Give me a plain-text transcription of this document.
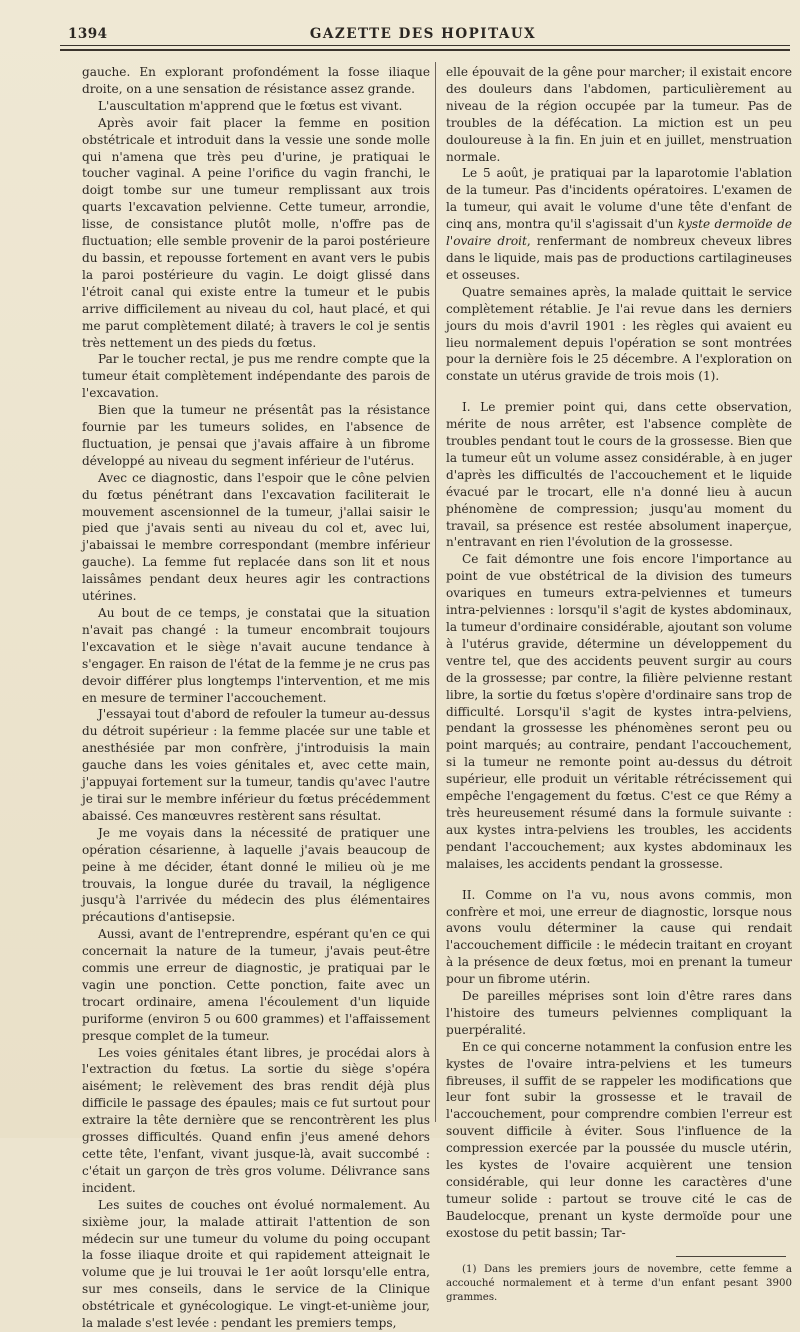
1394	GAZETTE DES HOPITAUX

gauche. En explorant profondément la fosse iliaque droite, on a une sensation de résistance assez grande.

L'auscultation m'apprend que le fœtus est vivant.

Après avoir fait placer la femme en position obstétricale et introduit dans la vessie une sonde molle qui n'amena que très peu d'urine, je pratiquai le toucher vaginal. A peine l'orifice du vagin franchi, le doigt tombe sur une tumeur remplissant aux trois quarts l'excavation pelvienne. Cette tumeur, arrondie, lisse, de consistance plutôt molle, n'offre pas de fluctuation; elle semble provenir de la paroi postérieure du bassin, et repousse fortement en avant vers le pubis la paroi postérieure du vagin. Le doigt glissé dans l'étroit canal qui existe entre la tumeur et le pubis arrive difficilement au niveau du col, haut placé, et qui me parut complètement dilaté; à travers le col je sentis très nettement un des pieds du fœtus.

Par le toucher rectal, je pus me rendre compte que la tumeur était complètement indépendante des parois de l'excavation.

Bien que la tumeur ne présentât pas la résistance fournie par les tumeurs solides, en l'absence de fluctuation, je pensai que j'avais affaire à un fibrome développé au niveau du segment inférieur de l'utérus.

Avec ce diagnostic, dans l'espoir que le cône pelvien du fœtus pénétrant dans l'excavation faciliterait le mouvement ascensionnel de la tumeur, j'allai saisir le pied que j'avais senti au niveau du col et, avec lui, j'abaissai le membre correspondant (membre inférieur gauche). La femme fut replacée dans son lit et nous laissâmes pendant deux heures agir les contractions utérines.

Au bout de ce temps, je constatai que la situation n'avait pas changé : la tumeur encombrait toujours l'excavation et le siège n'avait aucune tendance à s'engager. En raison de l'état de la femme je ne crus pas devoir différer plus longtemps l'intervention, et me mis en mesure de terminer l'accouchement.

J'essayai tout d'abord de refouler la tumeur au-dessus du détroit supérieur : la femme placée sur une table et anesthésiée par mon confrère, j'introduisis la main gauche dans les voies génitales et, avec cette main, j'appuyai fortement sur la tumeur, tandis qu'avec l'autre je tirai sur le membre inférieur du fœtus précédemment abaissé. Ces manœuvres restèrent sans résultat.

Je me voyais dans la nécessité de pratiquer une opération césarienne, à laquelle j'avais beaucoup de peine à me décider, étant donné le milieu où je me trouvais, la longue durée du travail, la négligence jusqu'à l'arrivée du médecin des plus élémentaires précautions d'antisepsie.

Aussi, avant de l'entreprendre, espérant qu'en ce qui concernait la nature de la tumeur, j'avais peut-être commis une erreur de diagnostic, je pratiquai par le vagin une ponction. Cette ponction, faite avec un trocart ordinaire, amena l'écoulement d'un liquide puriforme (environ 5 ou 600 grammes) et l'affaissement presque complet de la tumeur.

Les voies génitales étant libres, je procédai alors à l'extraction du fœtus. La sortie du siège s'opéra aisément; le relèvement des bras rendit déjà plus difficile le passage des épaules; mais ce fut surtout pour extraire la tête dernière que se rencontrèrent les plus grosses difficultés. Quand enfin j'eus amené dehors cette tête, l'enfant, vivant jusque-là, avait succombé : c'était un garçon de très gros volume. Délivrance sans incident.

Les suites de couches ont évolué normalement. Au sixième jour, la malade attirait l'attention de son médecin sur une tumeur du volume du poing occupant la fosse iliaque droite et qui rapidement atteignait le volume que je lui trouvai le 1er août lorsqu'elle entra, sur mes conseils, dans le service de la Clinique obstétricale et gynécologique. Le vingt-et-unième jour, la malade s'est levée : pendant les premiers temps,

elle épouvait de la gêne pour marcher; il existait encore des douleurs dans l'abdomen, particulièrement au niveau de la région occupée par la tumeur. Pas de troubles de la défécation. La miction est un peu douloureuse à la fin. En juin et en juillet, menstruation normale.

Le 5 août, je pratiquai par la laparotomie l'ablation de la tumeur. Pas d'incidents opératoires. L'examen de la tumeur, qui avait le volume d'une tête d'enfant de cinq ans, montra qu'il s'agissait d'un kyste dermoïde de l'ovaire droit, renfermant de nombreux cheveux libres dans le liquide, mais pas de productions cartilagineuses et osseuses.

Quatre semaines après, la malade quittait le service complètement rétablie. Je l'ai revue dans les derniers jours du mois d'avril 1901 : les règles qui avaient eu lieu normalement depuis l'opération se sont montrées pour la dernière fois le 25 décembre. A l'exploration on constate un utérus gravide de trois mois (1).

I. Le premier point qui, dans cette observation, mérite de nous arrêter, est l'absence complète de troubles pendant tout le cours de la grossesse. Bien que la tumeur eût un volume assez considérable, à en juger d'après les difficultés de l'accouchement et le liquide évacué par le trocart, elle n'a donné lieu à aucun phénomène de compression; jusqu'au moment du travail, sa présence est restée absolument inaperçue, n'entravant en rien l'évolution de la grossesse.

Ce fait démontre une fois encore l'importance au point de vue obstétrical de la division des tumeurs ovariques en tumeurs extra-pelviennes et tumeurs intra-pelviennes : lorsqu'il s'agit de kystes abdominaux, la tumeur d'ordinaire considérable, ajoutant son volume à l'utérus gravide, détermine un développement du ventre tel, que des accidents peuvent surgir au cours de la grossesse; par contre, la filière pelvienne restant libre, la sortie du fœtus s'opère d'ordinaire sans trop de difficulté. Lorsqu'il s'agit de kystes intra-pelviens, pendant la grossesse les phénomènes seront peu ou point marqués; au contraire, pendant l'accouchement, si la tumeur ne remonte point au-dessus du détroit supérieur, elle produit un véritable rétrécissement qui empêche l'engagement du fœtus. C'est ce que Rémy a très heureusement résumé dans la formule suivante : aux kystes intra-pelviens les troubles, les accidents pendant l'accouchement; aux kystes abdominaux les malaises, les accidents pendant la grossesse.

II. Comme on l'a vu, nous avons commis, mon confrère et moi, une erreur de diagnostic, lorsque nous avons voulu déterminer la cause qui rendait l'accouchement difficile : le médecin traitant en croyant à la présence de deux fœtus, moi en prenant la tumeur pour un fibrome utérin.

De pareilles méprises sont loin d'être rares dans l'histoire des tumeurs pelviennes compliquant la puerpéralité.

En ce qui concerne notamment la confusion entre les kystes de l'ovaire intra-pelviens et les tumeurs fibreuses, il suffit de se rappeler les modifications que leur font subir la grossesse et le travail de l'accouchement, pour comprendre combien l'erreur est souvent difficile à éviter. Sous l'influence de la compression exercée par la poussée du muscle utérin, les kystes de l'ovaire acquièrent une tension considérable, qui leur donne les caractères d'une tumeur solide : partout se trouve cité le cas de Baudelocque, prenant un kyste dermoïde pour une exostose du petit bassin; Tar-

(1) Dans les premiers jours de novembre, cette femme a accouché normalement et à terme d'un enfant pesant 3900 grammes.
